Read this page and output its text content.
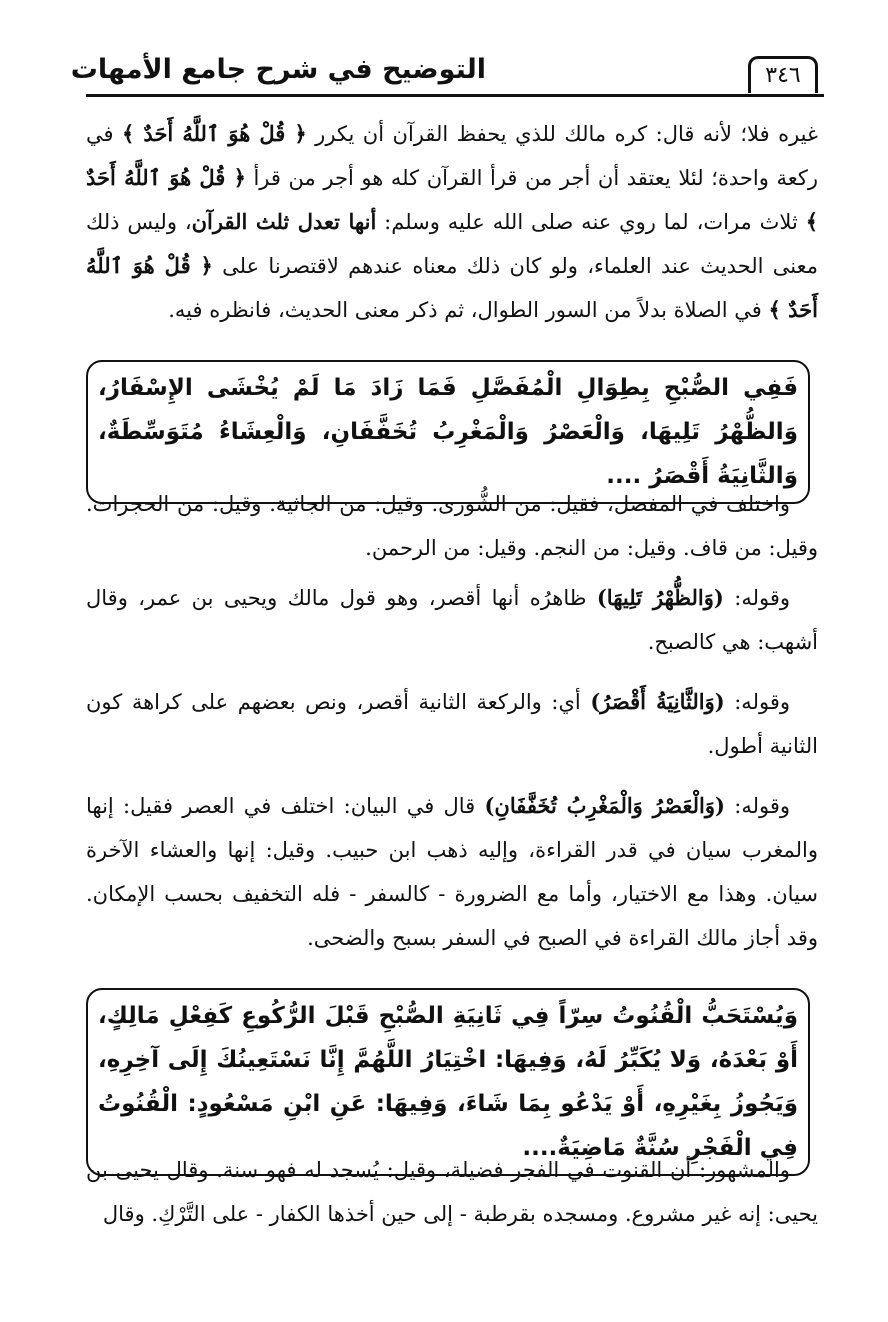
٣٤٦
التوضيح في شرح جامع الأمهات
غيره فلا؛ لأنه قال: كره مالك للذي يحفظ القرآن أن يكرر ﴿ قُلْ هُوَ ٱللَّهُ أَحَدٌ ﴾ في ركعة واحدة؛ لئلا يعتقد أن أجر من قرأ القرآن كله هو أجر من قرأ ﴿ قُلْ هُوَ ٱللَّهُ أَحَدٌ ﴾ ثلاث مرات، لما روي عنه صلى الله عليه وسلم: أنها تعدل ثلث القرآن، وليس ذلك معنى الحديث عند العلماء، ولو كان ذلك معناه عندهم لاقتصرنا على ﴿ قُلْ هُوَ ٱللَّهُ أَحَدٌ ﴾ في الصلاة بدلاً من السور الطوال، ثم ذكر معنى الحديث، فانظره فيه.
فَفِي الصُّبْحِ بِطِوَالِ الْمُفَصَّلِ فَمَا زَادَ مَا لَمْ يُخْشَى الإِسْفَارُ، وَالظُّهْرُ تَلِيهَا، وَالْعَصْرُ وَالْمَغْرِبُ تُخَفَّفَانِ، وَالْعِشَاءُ مُتَوَسِّطَةٌ، وَالثَّانِيَةُ أَقْصَرُ ....
واختلف في المفصل، فقيل: من الشُّورى. وقيل: من الجاثية. وقيل: من الحجرات. وقيل: من قاف. وقيل: من النجم. وقيل: من الرحمن.
وقوله: (وَالظُّهْرُ تَلِيهَا) ظاهرُه أنها أقصر، وهو قول مالك ويحيى بن عمر، وقال أشهب: هي كالصبح.
وقوله: (وَالثَّانِيَةُ أَقْصَرُ) أي: والركعة الثانية أقصر، ونص بعضهم على كراهة كون الثانية أطول.
وقوله: (وَالْعَصْرُ وَالْمَغْرِبُ تُخَفَّفَانِ) قال في البيان: اختلف في العصر فقيل: إنها والمغرب سيان في قدر القراءة، وإليه ذهب ابن حبيب. وقيل: إنها والعشاء الآخرة سيان. وهذا مع الاختيار، وأما مع الضرورة - كالسفر - فله التخفيف بحسب الإمكان. وقد أجاز مالك القراءة في الصبح في السفر بسبح والضحى.
وَيُسْتَحَبُّ الْقُنُوتُ سِرّاً فِي ثَانِيَةِ الصُّبْحِ قَبْلَ الرُّكُوعِ كَفِعْلِ مَالِكٍ، أَوْ بَعْدَهُ، وَلا يُكَبِّرُ لَهُ، وَفِيهَا: اخْتِيَارُ اللَّهُمَّ إِنَّا نَسْتَعِينُكَ إِلَى آخِرِهِ، وَيَجُوزُ بِغَيْرِهِ، أَوْ يَدْعُو بِمَا شَاءَ، وَفِيهَا: عَنِ ابْنِ مَسْعُودٍ: الْقُنُوتُ فِي الْفَجْرِ سُنَّةٌ مَاضِيَةٌ....
والمشهور: أن القنوت في الفجر فضيلة، وقيل: يُسجد له فهو سنة. وقال يحيى بن يحيى: إنه غير مشروع. ومسجده بقرطبة - إلى حين أخذها الكفار - على التَّرْكِ. وقال
